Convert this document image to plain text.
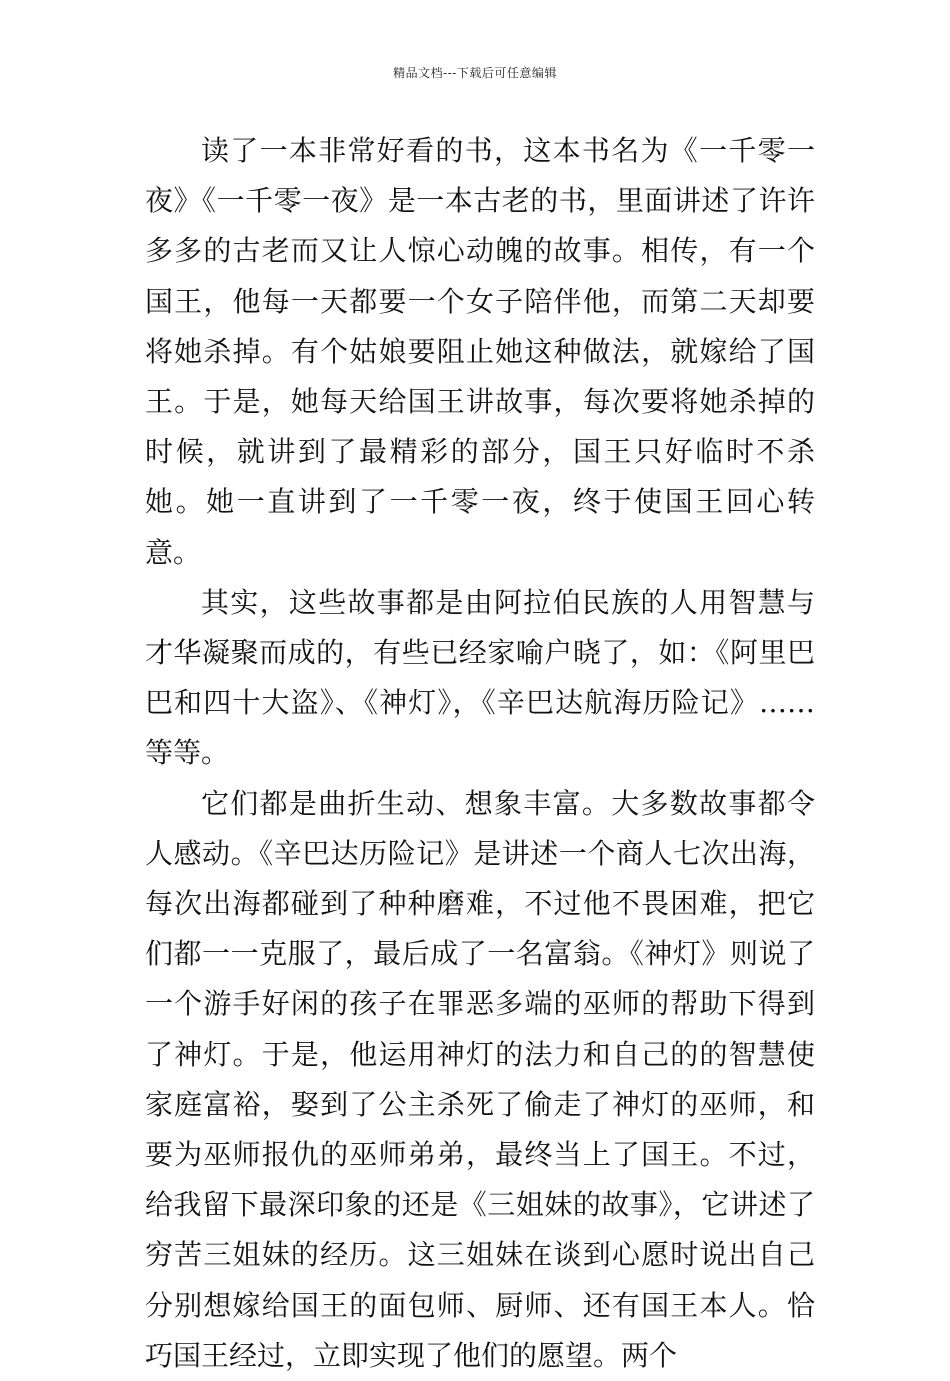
精品文档---下载后可任意编辑

读了一本非常好看的书，这本书名为《一千零一夜》《一千零一夜》是一本古老的书，里面讲述了许许多多的古老而又让人惊心动魄的故事。相传，有一个国王，他每一天都要一个女子陪伴他，而第二天却要将她杀掉。有个姑娘要阻止她这种做法，就嫁给了国王。于是，她每天给国王讲故事，每次要将她杀掉的时候，就讲到了最精彩的部分，国王只好临时不杀她。她一直讲到了一千零一夜，终于使国王回心转意。

其实，这些故事都是由阿拉伯民族的人用智慧与才华凝聚而成的，有些已经家喻户晓了，如：《阿里巴巴和四十大盗》、《神灯》，《辛巴达航海历险记》……等等。

它们都是曲折生动、想象丰富。大多数故事都令人感动。《辛巴达历险记》是讲述一个商人七次出海，每次出海都碰到了种种磨难，不过他不畏困难，把它们都一一克服了，最后成了一名富翁。《神灯》则说了一个游手好闲的孩子在罪恶多端的巫师的帮助下得到了神灯。于是，他运用神灯的法力和自己的的智慧使家庭富裕，娶到了公主杀死了偷走了神灯的巫师，和要为巫师报仇的巫师弟弟，最终当上了国王。不过，给我留下最深印象的还是《三姐妹的故事》，它讲述了穷苦三姐妹的经历。这三姐妹在谈到心愿时说出自己分别想嫁给国王的面包师、厨师、还有国王本人。恰巧国王经过，立即实现了他们的愿望。两个
